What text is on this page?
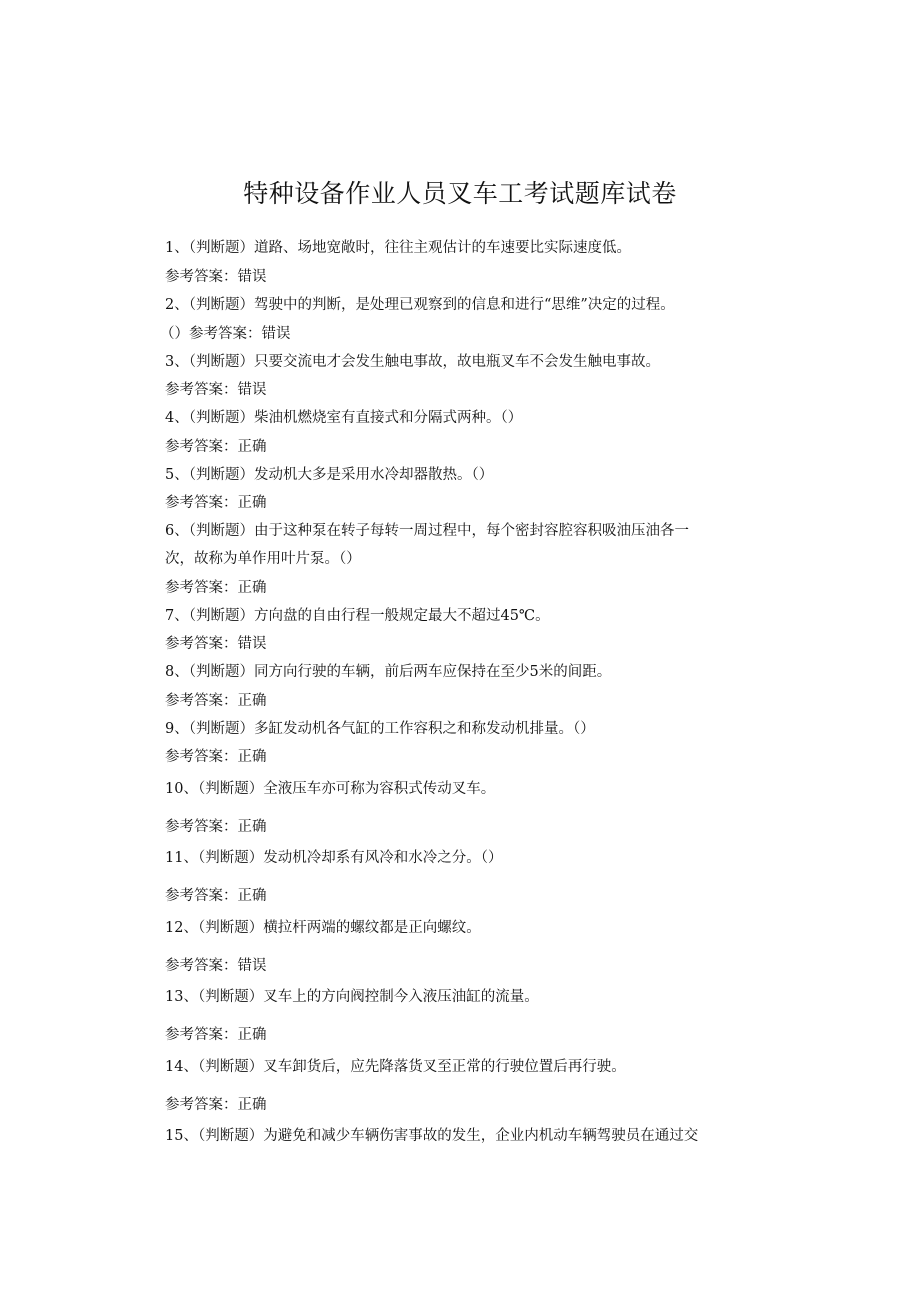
特种设备作业人员叉车工考试题库试卷
1、（判断题）道路、场地宽敞时，往往主观估计的车速要比实际速度低。
参考答案：错误
2、（判断题）驾驶中的判断，是处理已观察到的信息和进行“思维”决定的过程。
（）参考答案：错误
3、（判断题）只要交流电才会发生触电事故，故电瓶叉车不会发生触电事故。
参考答案：错误
4、（判断题）柴油机燃烧室有直接式和分隔式两种。（）
参考答案：正确
5、（判断题）发动机大多是采用水冷却器散热。（）
参考答案：正确
6、（判断题）由于这种泵在转子每转一周过程中，每个密封容腔容积吸油压油各一
次，故称为单作用叶片泵。（）
参考答案：正确
7、（判断题）方向盘的自由行程一般规定最大不超过45℃。
参考答案：错误
8、（判断题）同方向行驶的车辆，前后两车应保持在至少5米的间距。
参考答案：正确
9、（判断题）多缸发动机各气缸的工作容积之和称发动机排量。（）
参考答案：正确
10、（判断题）全液压车亦可称为容积式传动叉车。
参考答案：正确
11、（判断题）发动机冷却系有风冷和水冷之分。（）
参考答案：正确
12、（判断题）横拉杆两端的螺纹都是正向螺纹。
参考答案：错误
13、（判断题）叉车上的方向阀控制今入液压油缸的流量。
参考答案：正确
14、（判断题）叉车卸货后，应先降落货叉至正常的行驶位置后再行驶。
参考答案：正确
15、（判断题）为避免和减少车辆伤害事故的发生，企业内机动车辆驾驶员在通过交
